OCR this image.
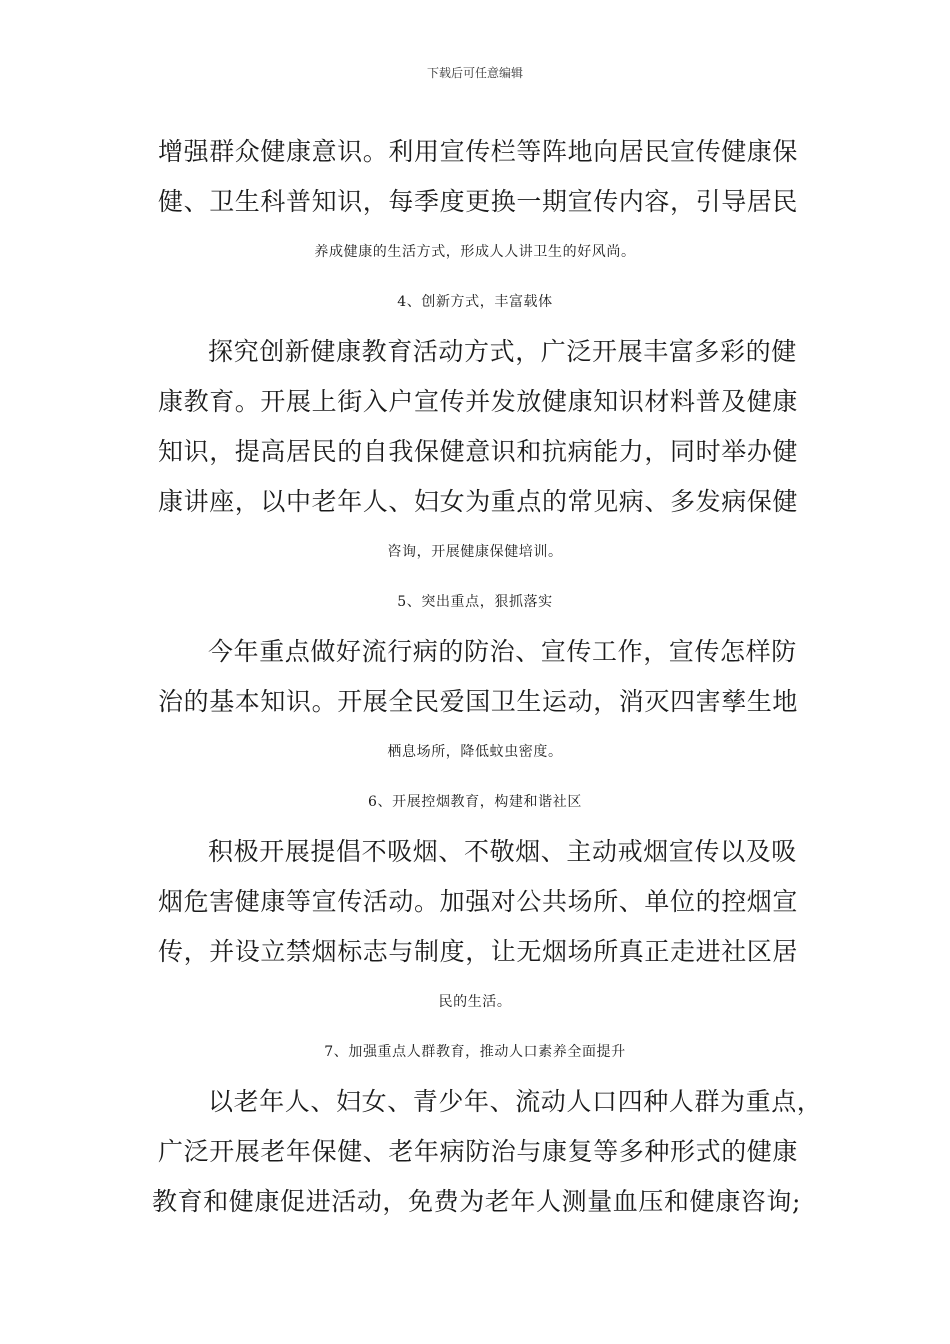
下载后可任意编辑
增强群众健康意识。利用宣传栏等阵地向居民宣传健康保
健、卫生科普知识，每季度更换一期宣传内容，引导居民
养成健康的生活方式，形成人人讲卫生的好风尚。
4、创新方式，丰富载体
探究创新健康教育活动方式，广泛开展丰富多彩的健
康教育。开展上街入户宣传并发放健康知识材料普及健康
知识，提高居民的自我保健意识和抗病能力，同时举办健
康讲座，以中老年人、妇女为重点的常见病、多发病保健
咨询，开展健康保健培训。
5、突出重点，狠抓落实
今年重点做好流行病的防治、宣传工作，宣传怎样防
治的基本知识。开展全民爱国卫生运动，消灭四害孳生地
栖息场所，降低蚊虫密度。
6、开展控烟教育，构建和谐社区
积极开展提倡不吸烟、不敬烟、主动戒烟宣传以及吸
烟危害健康等宣传活动。加强对公共场所、单位的控烟宣
传，并设立禁烟标志与制度，让无烟场所真正走进社区居
民的生活。
7、加强重点人群教育，推动人口素养全面提升
以老年人、妇女、青少年、流动人口四种人群为重点，
广泛开展老年保健、老年病防治与康复等多种形式的健康
教育和健康促进活动，免费为老年人测量血压和健康咨询;
